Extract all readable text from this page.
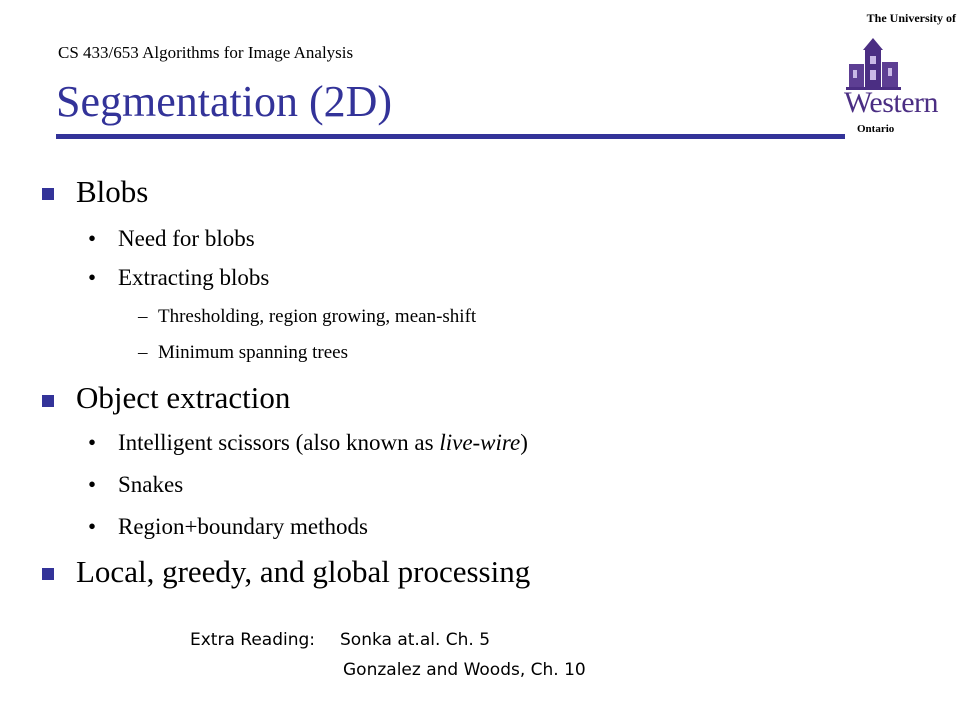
CS 433/653 Algorithms for Image Analysis
Segmentation (2D)
The University of
Western
Ontario
Blobs
• Need for blobs
• Extracting blobs
– Thresholding, region growing, mean-shift
– Minimum spanning trees
Object extraction
• Intelligent scissors (also known as live-wire)
• Snakes
• Region+boundary methods
Local, greedy, and global processing
Extra Reading: Sonka at.al. Ch. 5
Gonzalez and Woods, Ch. 10
